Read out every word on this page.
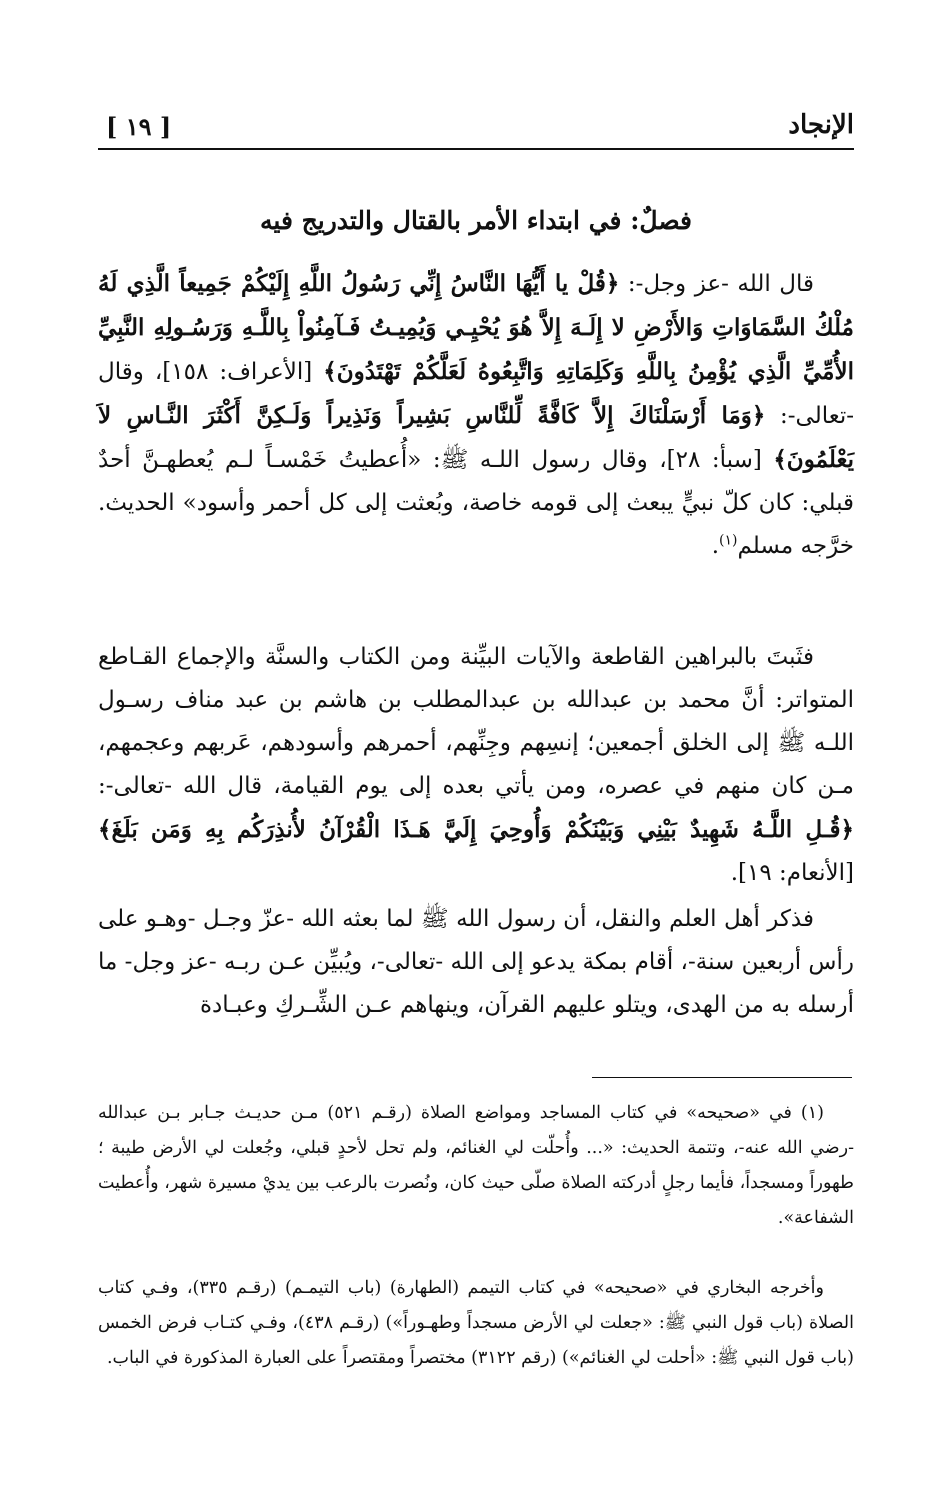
الإنجاد
[ ١٩ ]
فصلٌ: في ابتداء الأمر بالقتال والتدريج فيه

قال الله -عز وجل-: ﴿قُلْ يا أَيُّهَا النَّاسُ إِنِّي رَسُولُ اللَّهِ إِلَيْكُمْ جَمِيعاً الَّذِي لَهُ مُلْكُ السَّمَاوَاتِ وَالأَرْضِ لا إِلَـهَ إِلاَّ هُوَ يُحْيِـي وَيُمِيـتُ فَـآمِنُواْ بِاللَّـهِ وَرَسُـولِهِ النَّبِيِّ الأُمِّيِّ الَّذِي يُؤْمِنُ بِاللَّهِ وَكَلِمَاتِهِ وَاتَّبِعُوهُ لَعَلَّكُمْ تَهْتَدُونَ﴾ [الأعراف: ١٥٨]، وقال -تعالى-: ﴿وَمَا أَرْسَلْنَاكَ إِلاَّ كَافَّةً لِّلنَّاسِ بَشِيراً وَنَذِيراً وَلَـكِنَّ أَكْثَرَ النَّـاسِ لاَ يَعْلَمُونَ﴾ [سبأ: ٢٨]، وقال رسول اللـه ﷺ: «أُعطيتُ خَمْسـاً لـم يُعطهـنَّ أحدٌ قبلي: كان كلّ نبيٍّ يبعث إلى قومه خاصة، وبُعثت إلى كل أحمر وأسود» الحديث. خرَّجه مسلم$^{(١)}$.

فثَبتَ بالبراهين القاطعة والآيات البيِّنة ومن الكتاب والسنَّة والإجماع القـاطع المتواتر: أنَّ محمد بن عبدالله بن عبدالمطلب بن هاشم بن عبد مناف رسـول اللـه ﷺ إلى الخلق أجمعين؛ إنسِهم وجِنِّهم، أحمرهم وأسودهم، عَربهم وعجمهم، مـن كان منهم في عصره، ومن يأتي بعده إلى يوم القيامة، قال الله -تعالى-: ﴿قُـلِ اللَّـهُ شَهِيدٌ بَيْنِي وَبَيْنَكُمْ وَأُوحِيَ إِلَيَّ هَـذَا الْقُرْآنُ لأُنذِرَكُم بِهِ وَمَن بَلَغَ﴾ [الأنعام: ١٩].

فذكر أهل العلم والنقل، أن رسول الله ﷺ لما بعثه الله -عزّ وجـل -وهـو على رأس أربعين سنة-، أقام بمكة يدعو إلى الله -تعالى-، ويُبيِّن عـن ربـه -عز وجل- ما أرسله به من الهدى، ويتلو عليهم القرآن، وينهاهم عـن الشِّـركِ وعبـادة

(١) في «صحيحه» في كتاب المساجد ومواضع الصلاة (رقـم ٥٢١) مـن حديـث جـابر بـن عبدالله -رضي الله عنه-، وتتمة الحديث: «... وأُحلّت لي الغنائم، ولم تحل لأحدٍ قبلي، وجُعلت لي الأرض طيبة ؛ طهوراً ومسجداً، فأيما رجلٍ أدركته الصلاة صلّى حيث كان، ونُصرت بالرعب بين يديْ مسيرة شهر، وأُعطيت الشفاعة».

وأخرجه البخاري في «صحيحه» في كتاب التيمم (الطهارة) (باب التيمـم) (رقـم ٣٣٥)، وفـي كتاب الصلاة (باب قول النبي ﷺ: «جعلت لي الأرض مسجداً وطهـوراً») (رقـم ٤٣٨)، وفـي كتـاب فرض الخمس (باب قول النبي ﷺ: «أحلت لي الغنائم») (رقم ٣١٢٢) مختصراً ومقتصراً على العبارة المذكورة في الباب.
